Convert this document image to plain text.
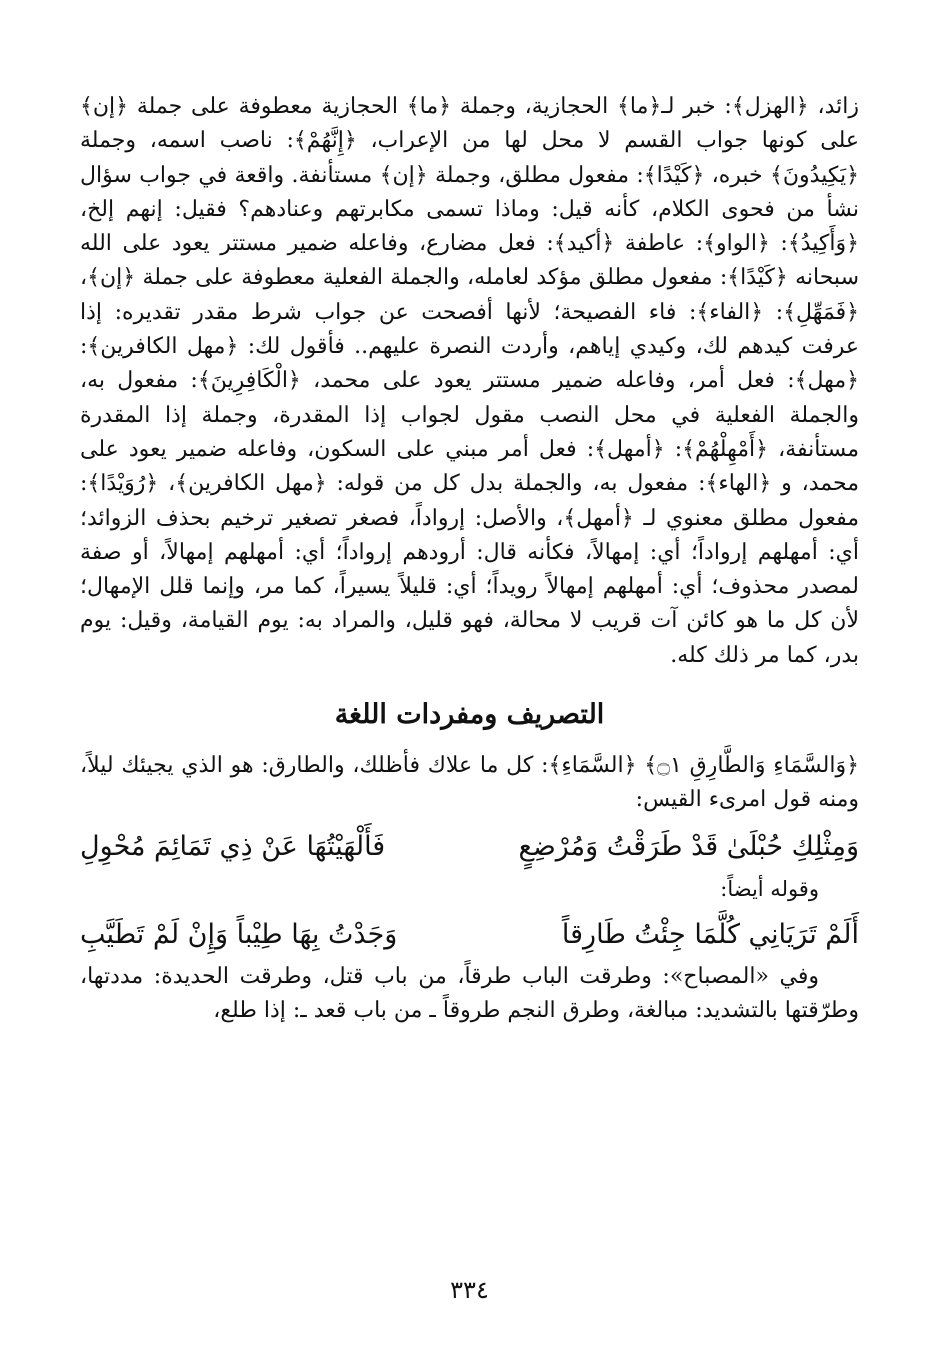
زائد، ﴿الهزل﴾: خبر لـ﴿ما﴾ الحجازية، وجملة ﴿ما﴾ الحجازية معطوفة على جملة ﴿إن﴾ على كونها جواب القسم لا محل لها من الإعراب، ﴿إِنَّهُمْ﴾: ناصب اسمه، وجملة ﴿يَكِيدُونَ﴾ خبره، ﴿كَيْدًا﴾: مفعول مطلق، وجملة ﴿إن﴾ مستأنفة. واقعة في جواب سؤال نشأ من فحوى الكلام، كأنه قيل: وماذا تسمى مكابرتهم وعنادهم؟ فقيل: إنهم إلخ، ﴿وَأَكِيدُ﴾: ﴿الواو﴾: عاطفة ﴿أكيد﴾: فعل مضارع، وفاعله ضمير مستتر يعود على الله سبحانه ﴿كَيْدًا﴾: مفعول مطلق مؤكد لعامله، والجملة الفعلية معطوفة على جملة ﴿إن﴾، ﴿فَمَهِّلِ﴾: ﴿الفاء﴾: فاء الفصيحة؛ لأنها أفصحت عن جواب شرط مقدر تقديره: إذا عرفت كيدهم لك، وكيدي إياهم، وأردت النصرة عليهم.. فأقول لك: ﴿مهل الكافرين﴾: ﴿مهل﴾: فعل أمر، وفاعله ضمير مستتر يعود على محمد، ﴿الْكَافِرِينَ﴾: مفعول به، والجملة الفعلية في محل النصب مقول لجواب إذا المقدرة، وجملة إذا المقدرة مستأنفة، ﴿أَمْهِلْهُمْ﴾: ﴿أمهل﴾: فعل أمر مبني على السكون، وفاعله ضمير يعود على محمد، و ﴿الهاء﴾: مفعول به، والجملة بدل كل من قوله: ﴿مهل الكافرين﴾، ﴿رُوَيْدًا﴾: مفعول مطلق معنوي لـ ﴿أمهل﴾، والأصل: إرواداً، فصغر تصغير ترخيم بحذف الزوائد؛ أي: أمهلهم إرواداً؛ أي: إمهالاً، فكأنه قال: أرودهم إرواداً؛ أي: أمهلهم إمهالاً، أو صفة لمصدر محذوف؛ أي: أمهلهم إمهالاً رويداً؛ أي: قليلاً يسيراً، كما مر، وإنما قلل الإمهال؛ لأن كل ما هو كائن آت قريب لا محالة، فهو قليل، والمراد به: يوم القيامة، وقيل: يوم بدر، كما مر ذلك كله.

التصريف ومفردات اللغة

﴿وَالسَّمَاءِ وَالطَّارِقِ ۝١﴾ ﴿السَّمَاءِ﴾: كل ما علاك فأظلك، والطارق: هو الذي يجيئك ليلاً، ومنه قول امرىء القيس:

وَمِثْلِكِ حُبْلَىٰ قَدْ طَرَقْتُ وَمُرْضِعٍ
فَأَلْهَيْتُهَا عَنْ ذِي تَمَائِمَ مُحْوِلِ

وقوله أيضاً:

أَلَمْ تَرَيَانِي كُلَّمَا جِئْتُ طَارِقاً
وَجَدْتُ بِهَا طِيْباً وَإِنْ لَمْ تَطَيَّبِ

وفي «المصباح»: وطرقت الباب طرقاً، من باب قتل، وطرقت الحديدة: مددتها، وطرّقتها بالتشديد: مبالغة، وطرق النجم طروقاً ـ من باب قعد ـ: إذا طلع،

٣٣٤
